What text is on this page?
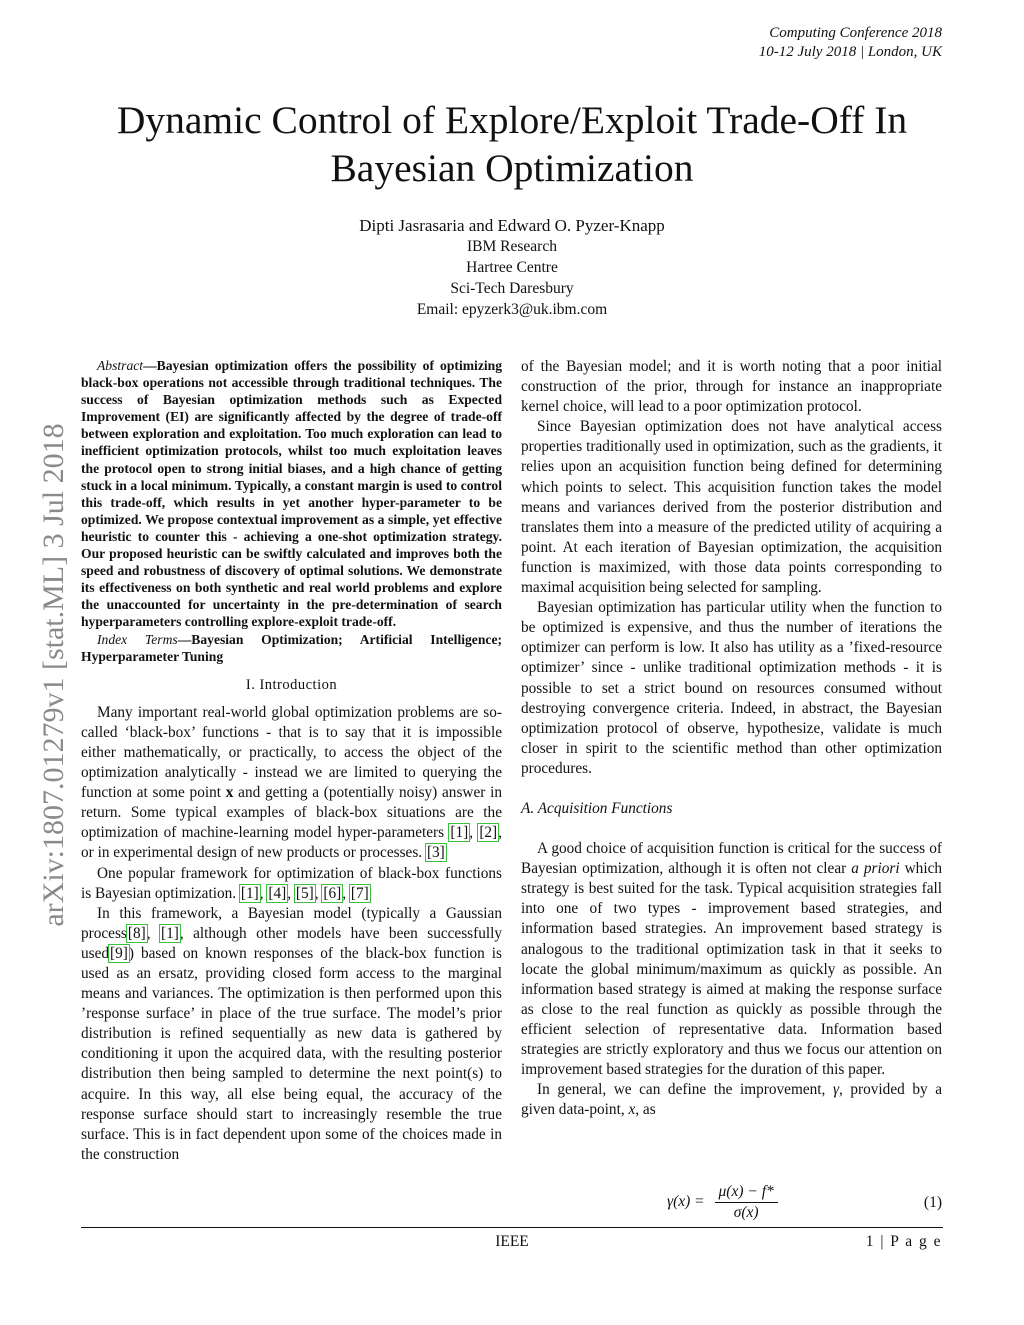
Computing Conference 2018
10-12 July 2018 | London, UK
Dynamic Control of Explore/Exploit Trade-Off In
Bayesian Optimization
Dipti Jasrasaria and Edward O. Pyzer-Knapp
IBM Research
Hartree Centre
Sci-Tech Daresbury
Email: epyzerk3@uk.ibm.com
arXiv:1807.01279v1 [stat.ML] 3 Jul 2018

Abstract—Bayesian optimization offers the possibility of optimizing black-box operations not accessible through traditional techniques. The success of Bayesian optimization methods such as Expected Improvement (EI) are significantly affected by the degree of trade-off between exploration and exploitation. Too much exploration can lead to inefficient optimization protocols, whilst too much exploitation leaves the protocol open to strong initial biases, and a high chance of getting stuck in a local minimum. Typically, a constant margin is used to control this trade-off, which results in yet another hyper-parameter to be optimized. We propose contextual improvement as a simple, yet effective heuristic to counter this - achieving a one-shot optimization strategy. Our proposed heuristic can be swiftly calculated and improves both the speed and robustness of discovery of optimal solutions. We demonstrate its effectiveness on both synthetic and real world problems and explore the unaccounted for uncertainty in the pre-determination of search hyperparameters controlling explore-exploit trade-off.

Index Terms—Bayesian Optimization; Artificial Intelligence; Hyperparameter Tuning

I. Introduction

Many important real-world global optimization problems are so-called ‘black-box’ functions - that is to say that it is impossible either mathematically, or practically, to access the object of the optimization analytically - instead we are limited to querying the function at some point x and getting a (potentially noisy) answer in return. Some typical examples of black-box situations are the optimization of machine-learning model hyper-parameters [1], [2], or in experimental design of new products or processes. [3]

One popular framework for optimization of black-box functions is Bayesian optimization. [1], [4], [5], [6], [7]

In this framework, a Bayesian model (typically a Gaussian process[8], [1], although other models have been successfully used[9]) based on known responses of the black-box function is used as an ersatz, providing closed form access to the marginal means and variances. The optimization is then performed upon this ’response surface’ in place of the true surface. The model’s prior distribution is refined sequentially as new data is gathered by conditioning it upon the acquired data, with the resulting posterior distribution then being sampled to determine the next point(s) to acquire. In this way, all else being equal, the accuracy of the response surface should start to increasingly resemble the true surface. This is in fact dependent upon some of the choices made in the construction

of the Bayesian model; and it is worth noting that a poor initial construction of the prior, through for instance an inappropriate kernel choice, will lead to a poor optimization protocol.

Since Bayesian optimization does not have analytical access properties traditionally used in optimization, such as the gradients, it relies upon an acquisition function being defined for determining which points to select. This acquisition function takes the model means and variances derived from the posterior distribution and translates them into a measure of the predicted utility of acquiring a point. At each iteration of Bayesian optimization, the acquisition function is maximized, with those data points corresponding to maximal acquisition being selected for sampling.

Bayesian optimization has particular utility when the function to be optimized is expensive, and thus the number of iterations the optimizer can perform is low. It also has utility as a ’fixed-resource optimizer’ since - unlike traditional optimization methods - it is possible to set a strict bound on resources consumed without destroying convergence criteria. Indeed, in abstract, the Bayesian optimization protocol of observe, hypothesize, validate is much closer in spirit to the scientific method than other optimization procedures.

A. Acquisition Functions

A good choice of acquisition function is critical for the success of Bayesian optimization, although it is often not clear a priori which strategy is best suited for the task. Typical acquisition strategies fall into one of two types - improvement based strategies, and information based strategies. An improvement based strategy is analogous to the traditional optimization task in that it seeks to locate the global minimum/maximum as quickly as possible. An information based strategy is aimed at making the response surface as close to the real function as quickly as possible through the efficient selection of representative data. Information based strategies are strictly exploratory and thus we focus our attention on improvement based strategies for the duration of this paper.

In general, we can define the improvement, γ, provided by a given data-point, x, as

$\gamma(x) = \frac{\mu(x) - f*}{\sigma(x)}$	(1)
IEEE	1 | P a g e
